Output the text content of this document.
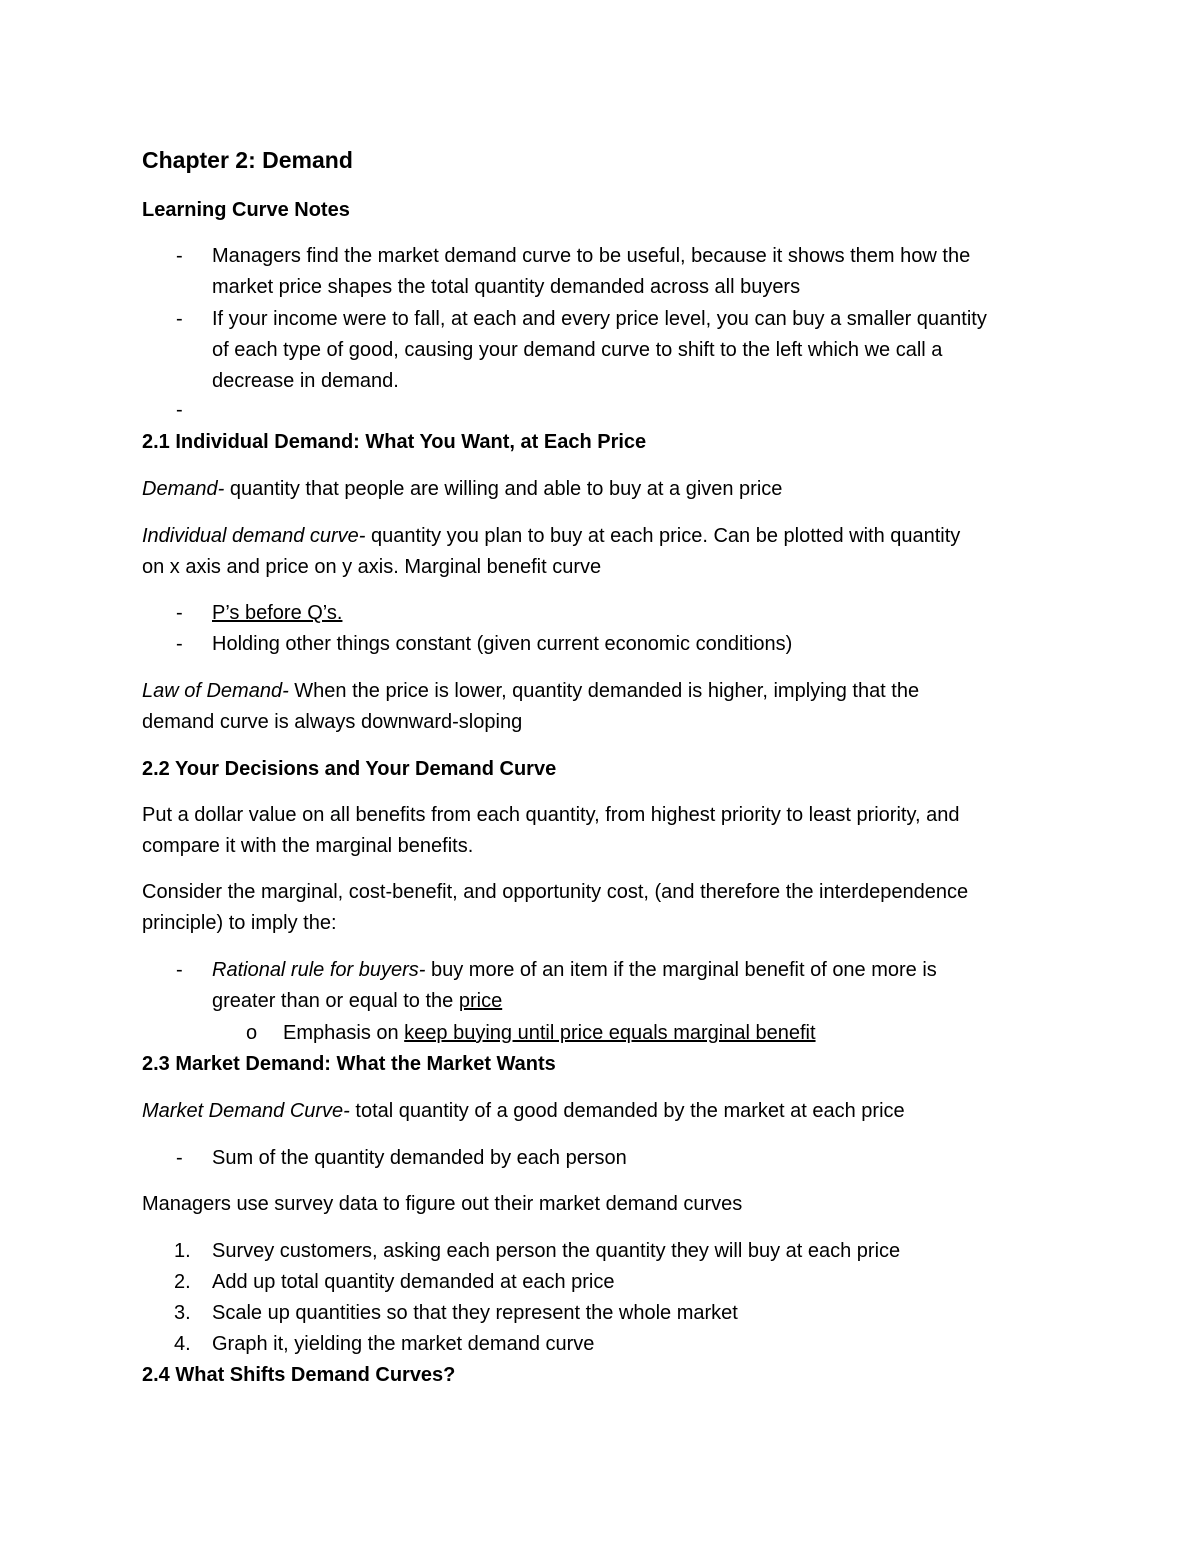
Chapter 2: Demand
Learning Curve Notes
- Managers find the market demand curve to be useful, because it shows them how the
market price shapes the total quantity demanded across all buyers
- If your income were to fall, at each and every price level, you can buy a smaller quantity
of each type of good, causing your demand curve to shift to the left which we call a
decrease in demand.
-
2.1 Individual Demand: What You Want, at Each Price
Demand- quantity that people are willing and able to buy at a given price
Individual demand curve- quantity you plan to buy at each price. Can be plotted with quantity
on x axis and price on y axis. Marginal benefit curve
- P’s before Q’s.
- Holding other things constant (given current economic conditions)
Law of Demand- When the price is lower, quantity demanded is higher, implying that the
demand curve is always downward-sloping
2.2 Your Decisions and Your Demand Curve
Put a dollar value on all benefits from each quantity, from highest priority to least priority, and
compare it with the marginal benefits.
Consider the marginal, cost-benefit, and opportunity cost, (and therefore the interdependence
principle) to imply the:
- Rational rule for buyers- buy more of an item if the marginal benefit of one more is
greater than or equal to the price
o Emphasis on keep buying until price equals marginal benefit
2.3 Market Demand: What the Market Wants
Market Demand Curve- total quantity of a good demanded by the market at each price
- Sum of the quantity demanded by each person
Managers use survey data to figure out their market demand curves
1. Survey customers, asking each person the quantity they will buy at each price
2. Add up total quantity demanded at each price
3. Scale up quantities so that they represent the whole market
4. Graph it, yielding the market demand curve
2.4 What Shifts Demand Curves?
